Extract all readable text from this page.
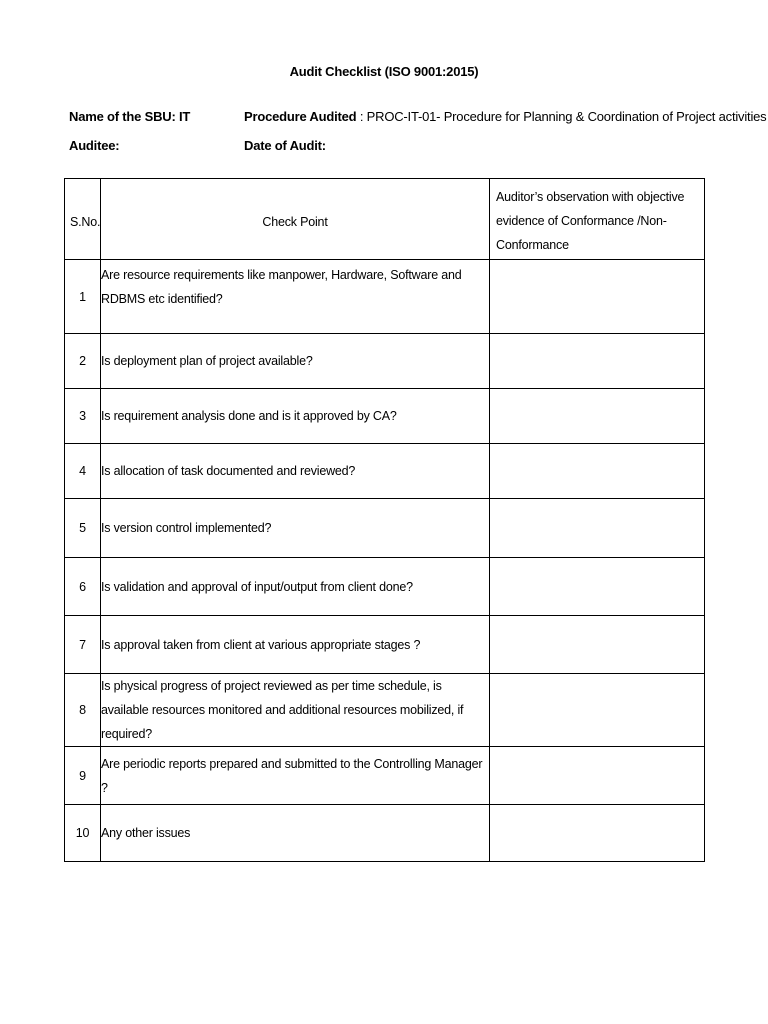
Audit Checklist (ISO 9001:2015)
Name of the SBU: IT	Procedure Audited : PROC-IT-01- Procedure for Planning & Coordination of Project activities
Auditee:	Date of Audit:
S.No.	Check Point	Auditor’s observation with objective evidence of Conformance /Non-Conformance
1	Are resource requirements like manpower, Hardware, Software and RDBMS etc identified?	
2	Is deployment plan of project available?	
3	Is requirement analysis done and is it approved by CA?	
4	Is allocation of task documented and reviewed?	
5	Is version control implemented?	
6	Is validation and approval of input/output from client done?	
7	Is approval taken from client at various appropriate stages ?	
8	Is physical progress of project reviewed as per time schedule, is available resources monitored and additional resources mobilized, if required?	
9	Are periodic reports prepared and submitted to the Controlling Manager ?	
10	Any other issues	
